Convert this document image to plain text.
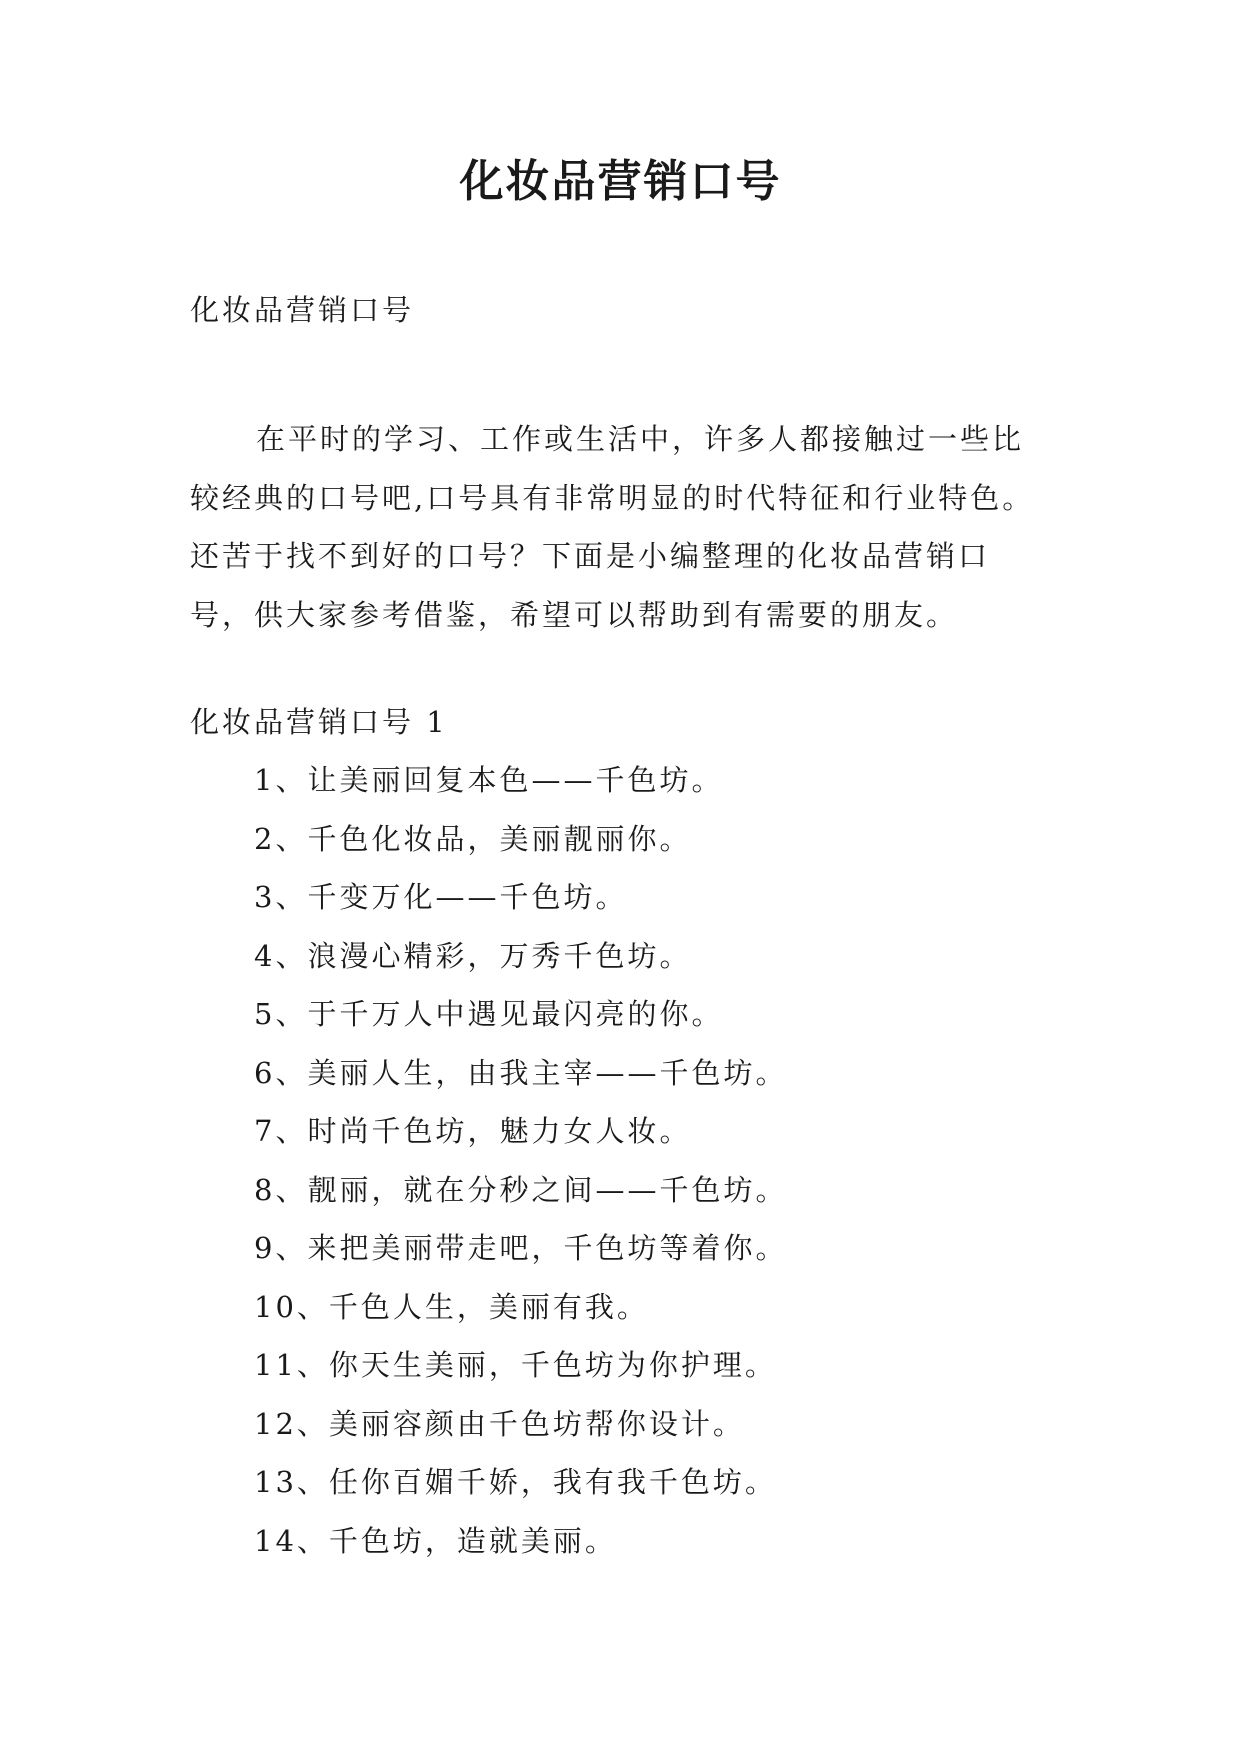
化妆品营销口号
化妆品营销口号

在平时的学习、工作或生活中，许多人都接触过一些比较经典的口号吧,口号具有非常明显的时代特征和行业特色。还苦于找不到好的口号？下面是小编整理的化妆品营销口号，供大家参考借鉴，希望可以帮助到有需要的朋友。

化妆品营销口号 1
1、让美丽回复本色——千色坊。
2、千色化妆品，美丽靓丽你。
3、千变万化——千色坊。
4、浪漫心精彩，万秀千色坊。
5、于千万人中遇见最闪亮的你。
6、美丽人生，由我主宰——千色坊。
7、时尚千色坊，魅力女人妆。
8、靓丽，就在分秒之间——千色坊。
9、来把美丽带走吧，千色坊等着你。
10、千色人生，美丽有我。
11、你天生美丽，千色坊为你护理。
12、美丽容颜由千色坊帮你设计。
13、任你百媚千娇，我有我千色坊。
14、千色坊，造就美丽。
